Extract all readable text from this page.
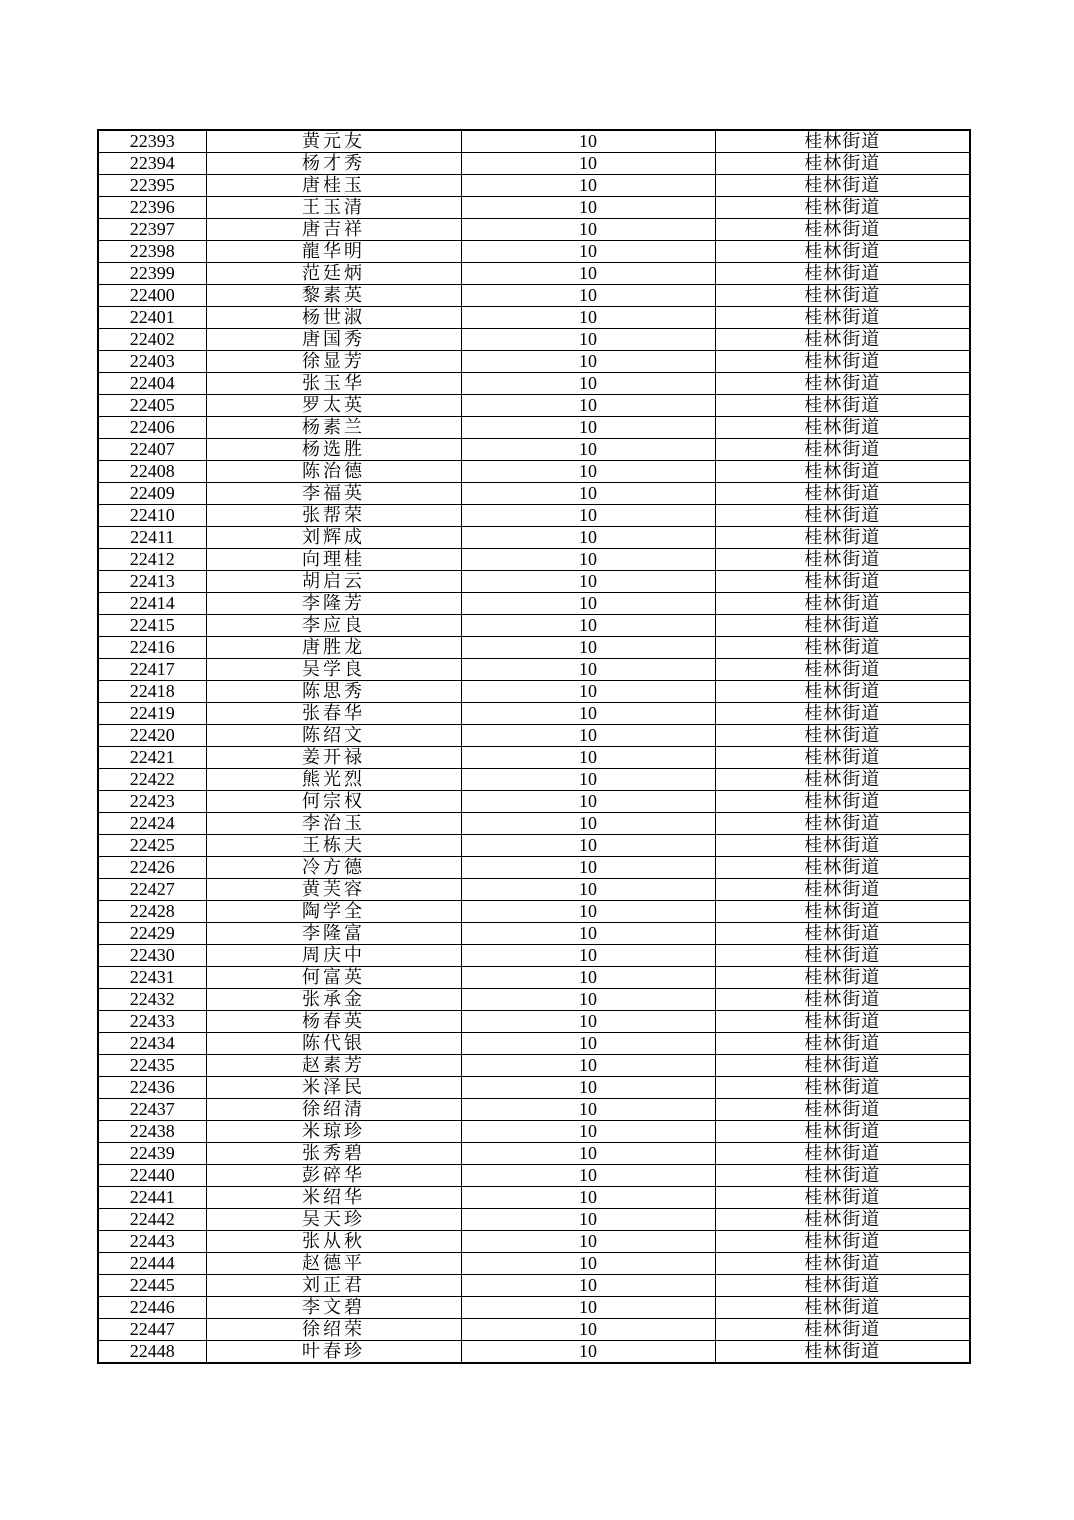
22393	黄元友	10	桂林街道
22394	杨才秀	10	桂林街道
22395	唐桂玉	10	桂林街道
22396	王玉清	10	桂林街道
22397	唐吉祥	10	桂林街道
22398	龍华明	10	桂林街道
22399	范廷炳	10	桂林街道
22400	黎素英	10	桂林街道
22401	杨世淑	10	桂林街道
22402	唐国秀	10	桂林街道
22403	徐显芳	10	桂林街道
22404	张玉华	10	桂林街道
22405	罗太英	10	桂林街道
22406	杨素兰	10	桂林街道
22407	杨选胜	10	桂林街道
22408	陈治德	10	桂林街道
22409	李福英	10	桂林街道
22410	张帮荣	10	桂林街道
22411	刘辉成	10	桂林街道
22412	向理桂	10	桂林街道
22413	胡启云	10	桂林街道
22414	李隆芳	10	桂林街道
22415	李应良	10	桂林街道
22416	唐胜龙	10	桂林街道
22417	吴学良	10	桂林街道
22418	陈思秀	10	桂林街道
22419	张春华	10	桂林街道
22420	陈绍文	10	桂林街道
22421	姜开禄	10	桂林街道
22422	熊光烈	10	桂林街道
22423	何宗权	10	桂林街道
22424	李治玉	10	桂林街道
22425	王栋夫	10	桂林街道
22426	冷方德	10	桂林街道
22427	黄芙容	10	桂林街道
22428	陶学全	10	桂林街道
22429	李隆富	10	桂林街道
22430	周庆中	10	桂林街道
22431	何富英	10	桂林街道
22432	张承金	10	桂林街道
22433	杨春英	10	桂林街道
22434	陈代银	10	桂林街道
22435	赵素芳	10	桂林街道
22436	米泽民	10	桂林街道
22437	徐绍清	10	桂林街道
22438	米琼珍	10	桂林街道
22439	张秀碧	10	桂林街道
22440	彭碎华	10	桂林街道
22441	米绍华	10	桂林街道
22442	吴天珍	10	桂林街道
22443	张从秋	10	桂林街道
22444	赵德平	10	桂林街道
22445	刘正君	10	桂林街道
22446	李文碧	10	桂林街道
22447	徐绍荣	10	桂林街道
22448	叶春珍	10	桂林街道
